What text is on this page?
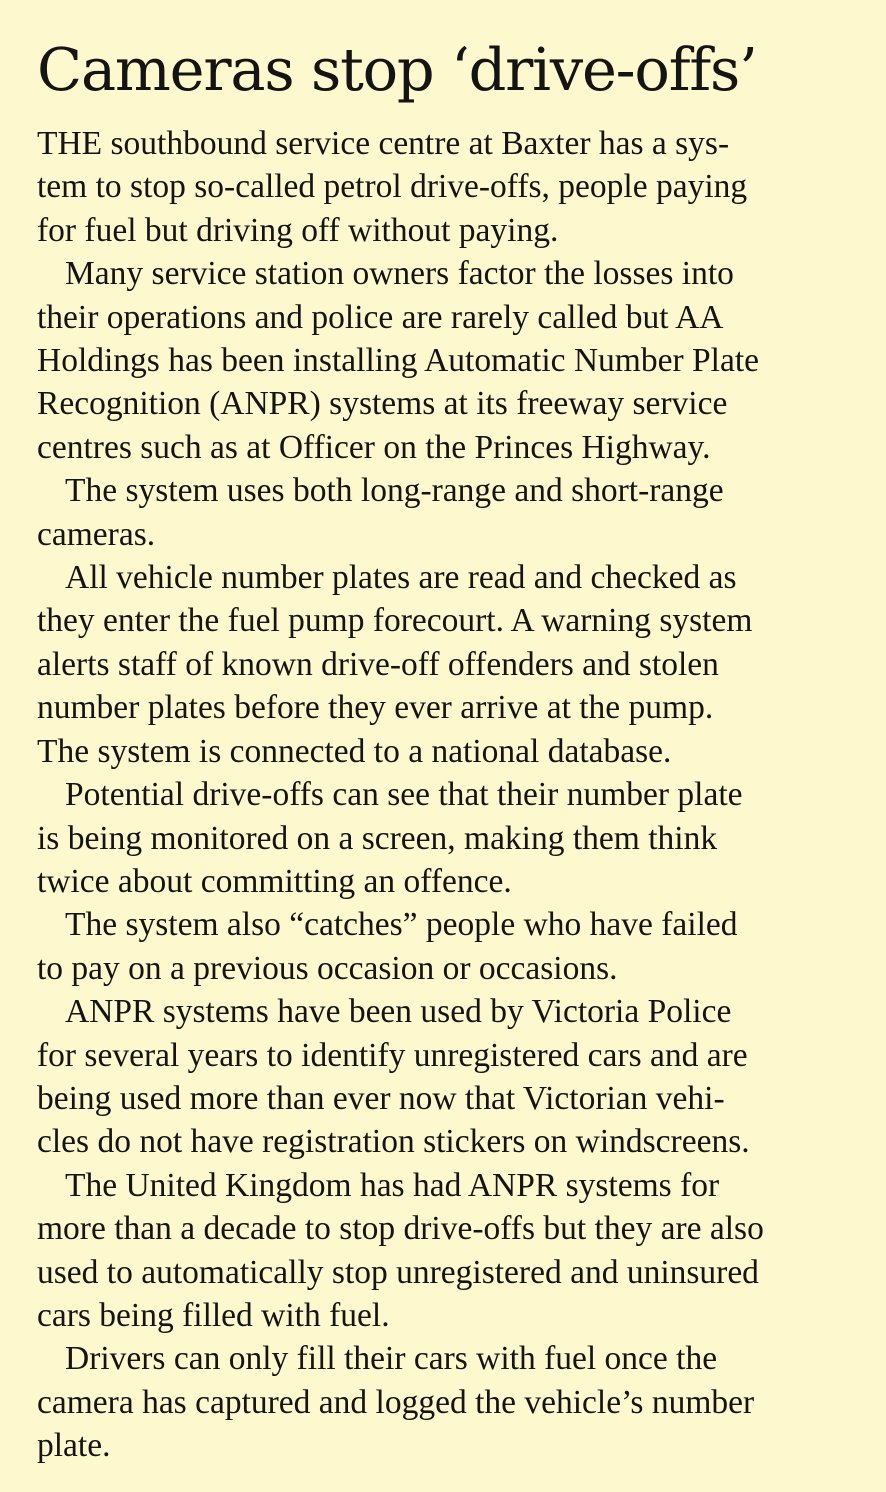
Cameras stop ‘drive-offs’

THE southbound service centre at Baxter has a sys-
tem to stop so-called petrol drive-offs, people paying
for fuel but driving off without paying.

Many service station owners factor the losses into
their operations and police are rarely called but AA
Holdings has been installing Automatic Number Plate
Recognition (ANPR) systems at its freeway service
centres such as at Officer on the Princes Highway.

The system uses both long-range and short-range
cameras.

All vehicle number plates are read and checked as
they enter the fuel pump forecourt. A warning system
alerts staff of known drive-off offenders and stolen
number plates before they ever arrive at the pump.
The system is connected to a national database.

Potential drive-offs can see that their number plate
is being monitored on a screen, making them think
twice about committing an offence.

The system also “catches” people who have failed
to pay on a previous occasion or occasions.

ANPR systems have been used by Victoria Police
for several years to identify unregistered cars and are
being used more than ever now that Victorian vehi-
cles do not have registration stickers on windscreens.

The United Kingdom has had ANPR systems for
more than a decade to stop drive-offs but they are also
used to automatically stop unregistered and uninsured
cars being filled with fuel.

Drivers can only fill their cars with fuel once the
camera has captured and logged the vehicle’s number
plate.
